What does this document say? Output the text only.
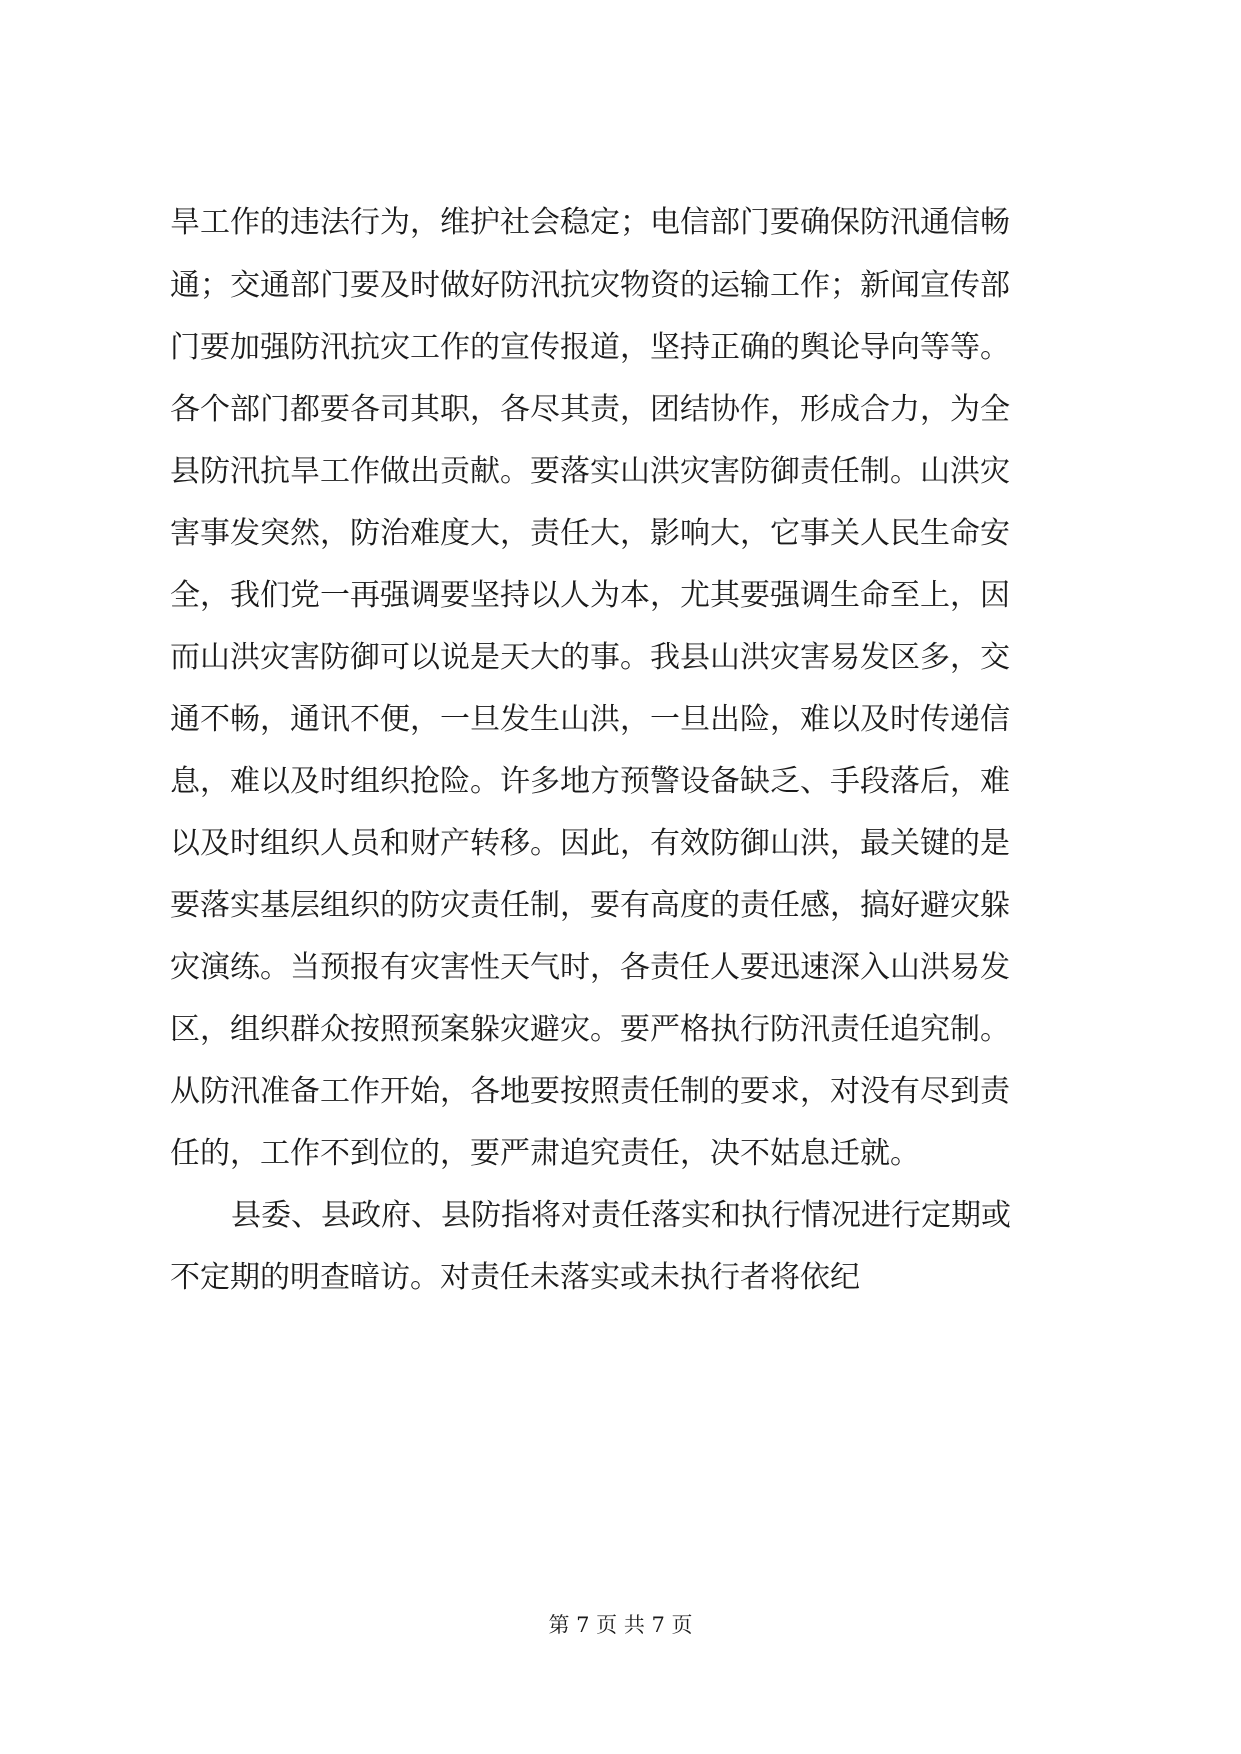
旱工作的违法行为，维护社会稳定；电信部门要确保防汛通信畅
通；交通部门要及时做好防汛抗灾物资的运输工作；新闻宣传部
门要加强防汛抗灾工作的宣传报道，坚持正确的舆论导向等等。
各个部门都要各司其职，各尽其责，团结协作，形成合力，为全
县防汛抗旱工作做出贡献。要落实山洪灾害防御责任制。山洪灾
害事发突然，防治难度大，责任大，影响大，它事关人民生命安
全，我们党一再强调要坚持以人为本，尤其要强调生命至上，因
而山洪灾害防御可以说是天大的事。我县山洪灾害易发区多，交
通不畅，通讯不便，一旦发生山洪，一旦出险，难以及时传递信
息，难以及时组织抢险。许多地方预警设备缺乏、手段落后，难
以及时组织人员和财产转移。因此，有效防御山洪，最关键的是
要落实基层组织的防灾责任制，要有高度的责任感，搞好避灾躲
灾演练。当预报有灾害性天气时，各责任人要迅速深入山洪易发
区，组织群众按照预案躲灾避灾。要严格执行防汛责任追究制。
从防汛准备工作开始，各地要按照责任制的要求，对没有尽到责
任的，工作不到位的，要严肃追究责任，决不姑息迁就。
县委、县政府、县防指将对责任落实和执行情况进行定期或
不定期的明查暗访。对责任未落实或未执行者将依纪
第 7 页 共 7 页
